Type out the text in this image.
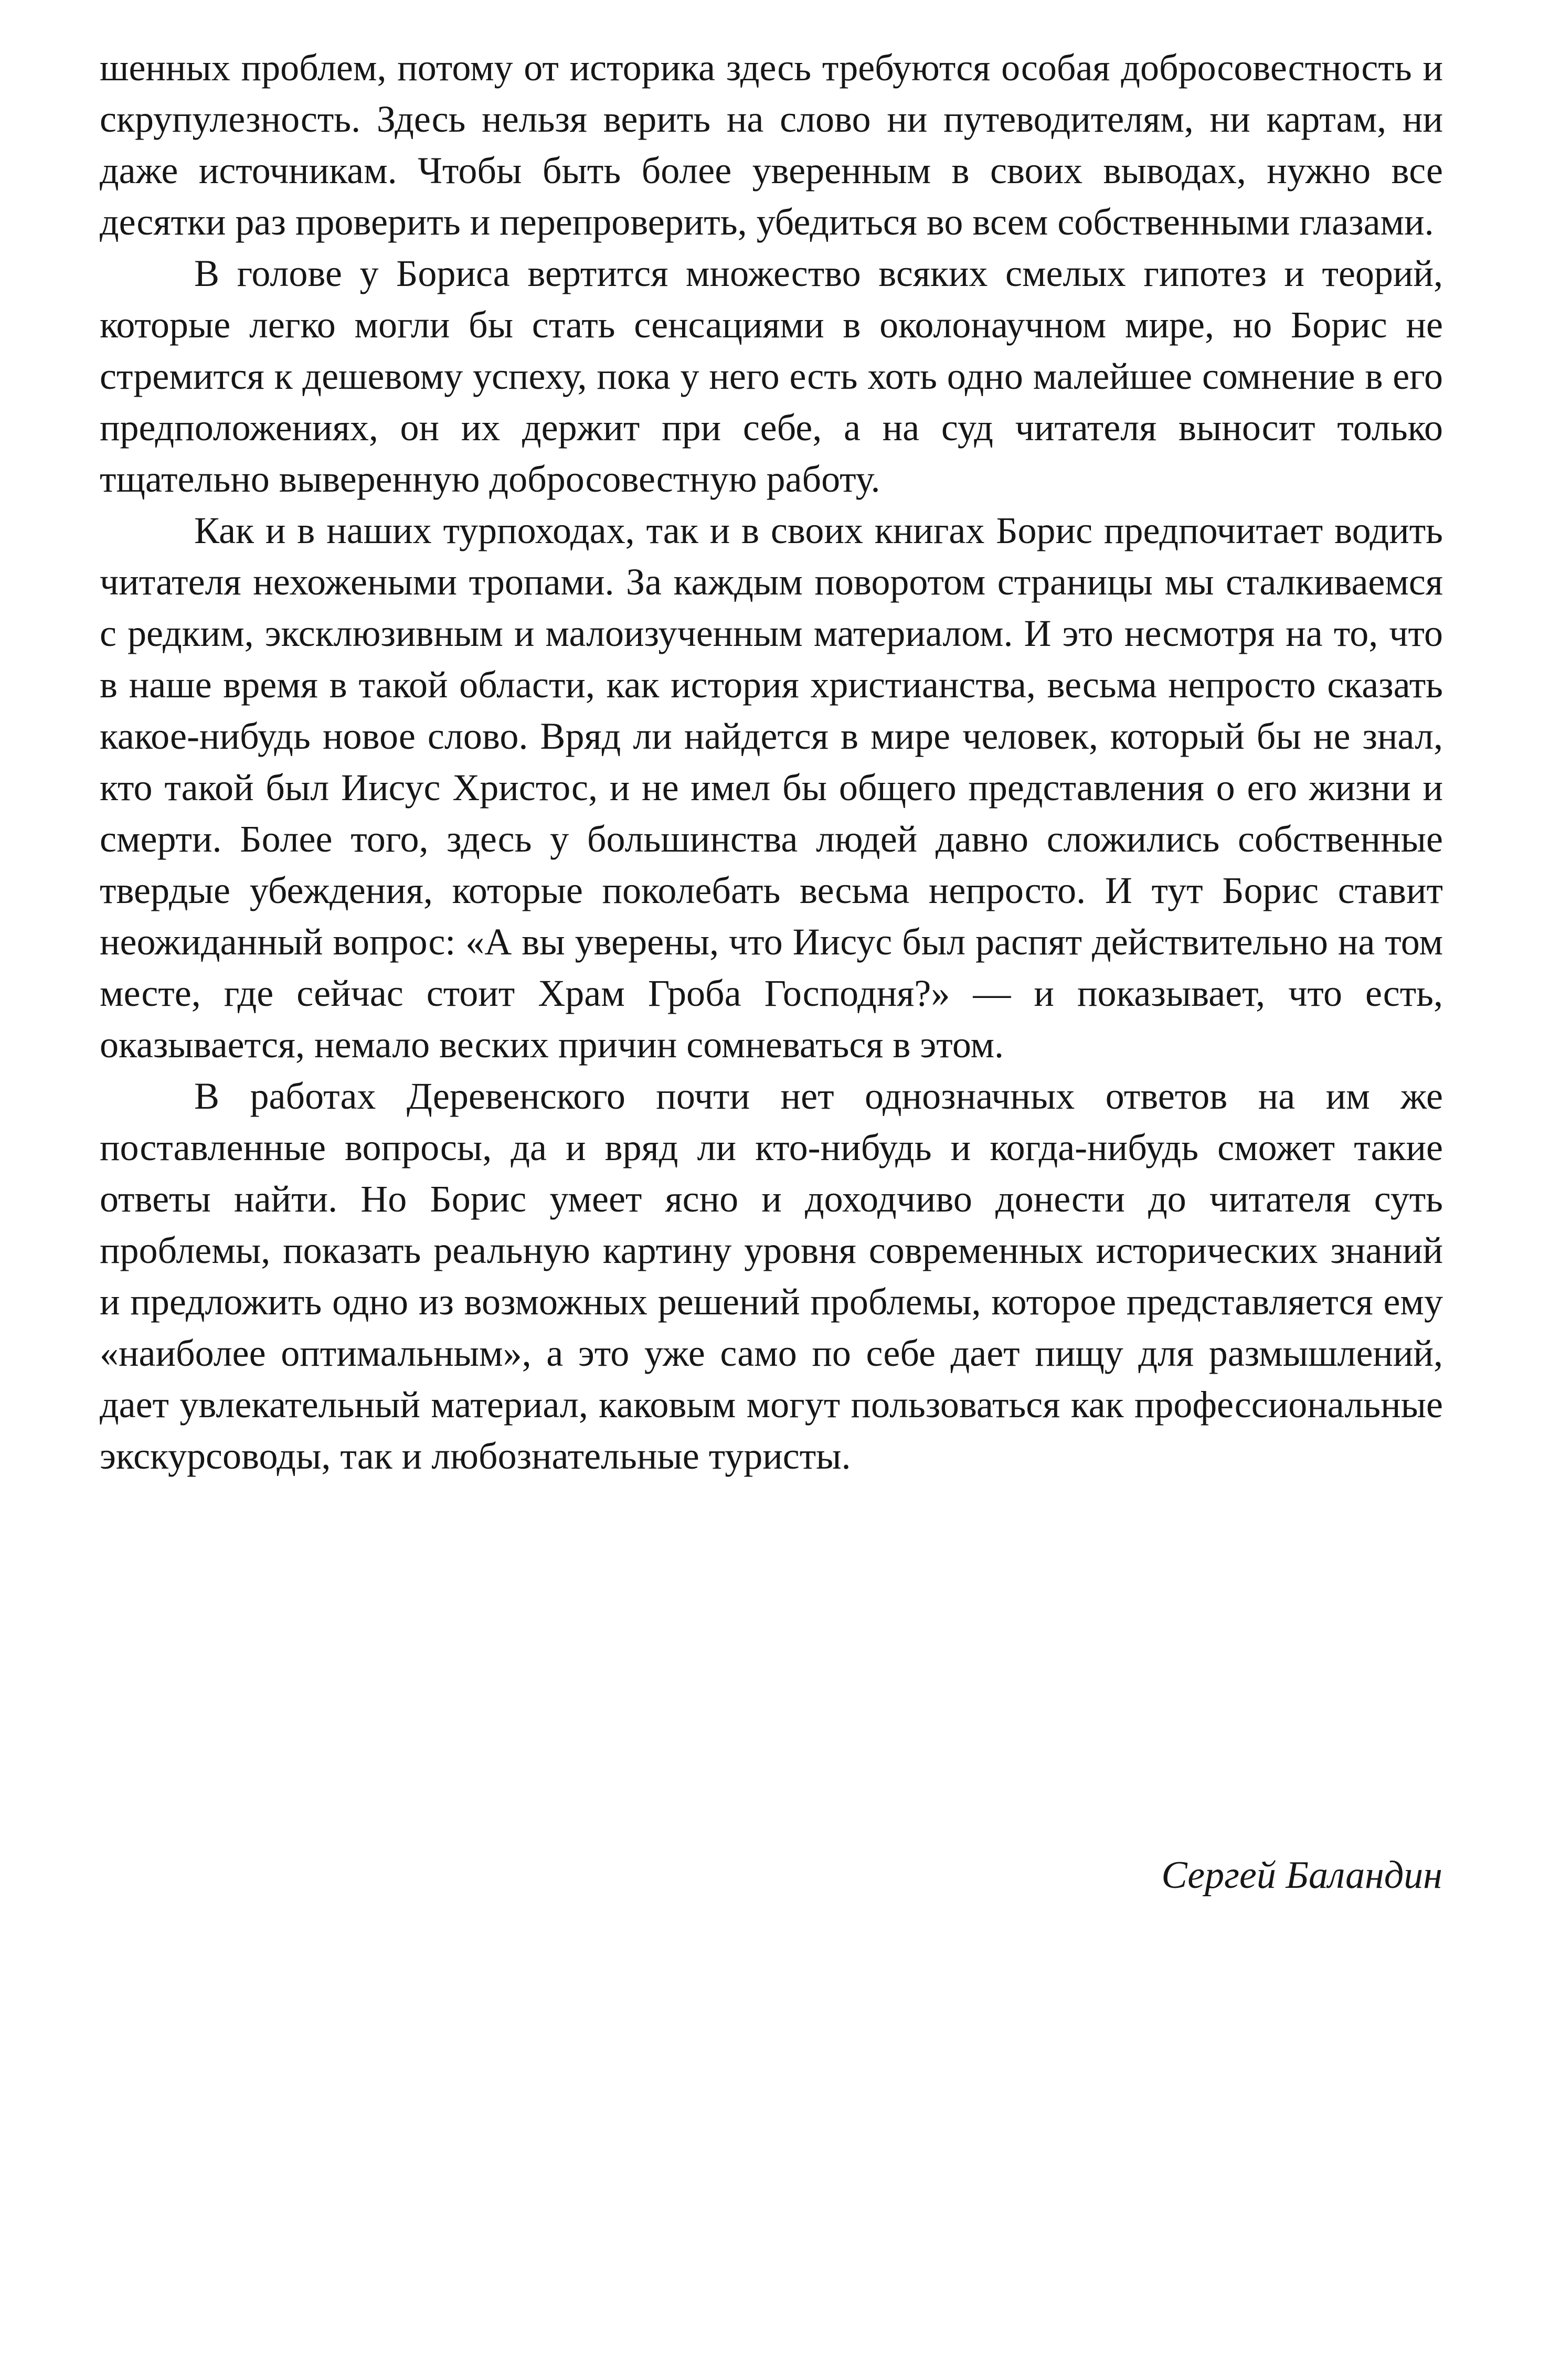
шенных проблем, потому от историка здесь требуются особая добросовестность и скрупулезность. Здесь нельзя верить на слово ни путеводителям, ни картам, ни даже источникам. Чтобы быть более уверенным в своих выводах, нужно все десятки раз проверить и перепроверить, убедиться во всем собственными глазами.

В голове у Бориса вертится множество всяких смелых гипотез и теорий, которые легко могли бы стать сенсациями в околонаучном мире, но Борис не стремится к дешевому успеху, пока у него есть хоть одно малейшее сомнение в его предположениях, он их держит при себе, а на суд читателя выносит только тщательно выверенную добросовестную работу.

Как и в наших турпоходах, так и в своих книгах Борис предпочитает водить читателя нехожеными тропами. За каждым поворотом страницы мы сталкиваемся с редким, эксклюзивным и малоизученным материалом. И это несмотря на то, что в наше время в такой области, как история христианства, весьма непросто сказать какое-нибудь новое слово. Вряд ли найдется в мире человек, который бы не знал, кто такой был Иисус Христос, и не имел бы общего представления о его жизни и смерти. Более того, здесь у большинства людей давно сложились собственные твердые убеждения, которые поколебать весьма непросто. И тут Борис ставит неожиданный вопрос: «А вы уверены, что Иисус был распят действительно на том месте, где сейчас стоит Храм Гроба Господня?» — и показывает, что есть, оказывается, немало веских причин сомневаться в этом.

В работах Деревенского почти нет однозначных ответов на им же поставленные вопросы, да и вряд ли кто-нибудь и когда-нибудь сможет такие ответы найти. Но Борис умеет ясно и доходчиво донести до читателя суть проблемы, показать реальную картину уровня современных исторических знаний и предложить одно из возможных решений проблемы, которое представляется ему «наиболее оптимальным», а это уже само по себе дает пищу для размышлений, дает увлекательный материал, каковым могут пользоваться как профессиональные экскурсоводы, так и любознательные туристы.

Сергей Баландин
